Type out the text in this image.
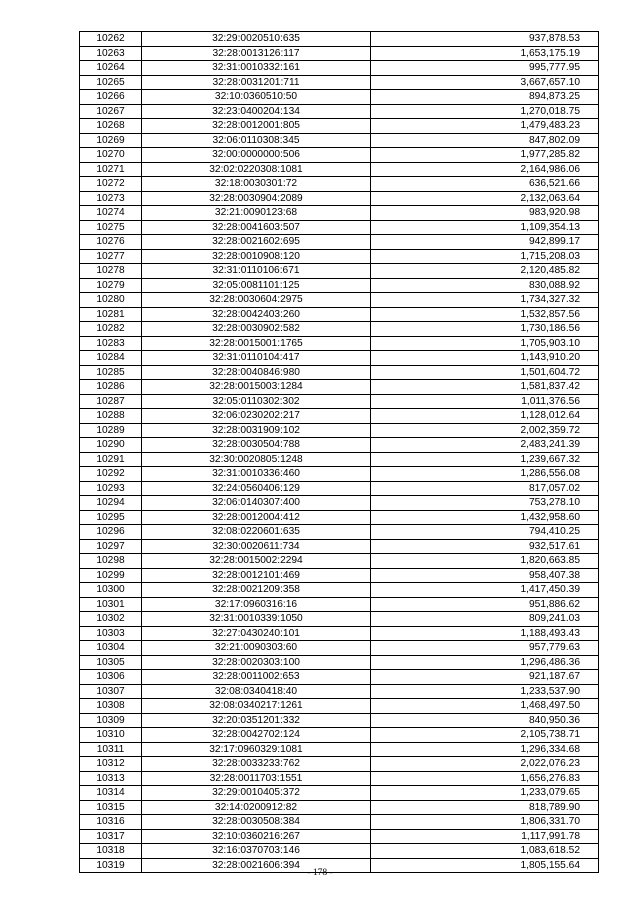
10262	32:29:0020510:635	937,878.53
10263	32:28:0013126:117	1,653,175.19
10264	32:31:0010332:161	995,777.95
10265	32:28:0031201:711	3,667,657.10
10266	32:10:0360510:50	894,873.25
10267	32:23:0400204:134	1,270,018.75
10268	32:28:0012001:805	1,479,483.23
10269	32:06:0110308:345	847,802.09
10270	32:00:0000000:506	1,977,285.82
10271	32:02:0220308:1081	2,164,986.06
10272	32:18:0030301:72	636,521.66
10273	32:28:0030904:2089	2,132,063.64
10274	32:21:0090123:68	983,920.98
10275	32:28:0041603:507	1,109,354.13
10276	32:28:0021602:695	942,899.17
10277	32:28:0010908:120	1,715,208.03
10278	32:31:0110106:671	2,120,485.82
10279	32:05:0081101:125	830,088.92
10280	32:28:0030604:2975	1,734,327.32
10281	32:28:0042403:260	1,532,857.56
10282	32:28:0030902:582	1,730,186.56
10283	32:28:0015001:1765	1,705,903.10
10284	32:31:0110104:417	1,143,910.20
10285	32:28:0040846:980	1,501,604.72
10286	32:28:0015003:1284	1,581,837.42
10287	32:05:0110302:302	1,011,376.56
10288	32:06:0230202:217	1,128,012.64
10289	32:28:0031909:102	2,002,359.72
10290	32:28:0030504:788	2,483,241.39
10291	32:30:0020805:1248	1,239,667.32
10292	32:31:0010336:460	1,286,556.08
10293	32:24:0560406:129	817,057.02
10294	32:06:0140307:400	753,278.10
10295	32:28:0012004:412	1,432,958.60
10296	32:08:0220601:635	794,410.25
10297	32:30:0020611:734	932,517.61
10298	32:28:0015002:2294	1,820,663.85
10299	32:28:0012101:469	958,407.38
10300	32:28:0021209:358	1,417,450.39
10301	32:17:0960316:16	951,886.62
10302	32:31:0010339:1050	809,241.03
10303	32:27:0430240:101	1,188,493.43
10304	32:21:0090303:60	957,779.63
10305	32:28:0020303:100	1,296,486.36
10306	32:28:0011002:653	921,187.67
10307	32:08:0340418:40	1,233,537.90
10308	32:08:0340217:1261	1,468,497.50
10309	32:20:0351201:332	840,950.36
10310	32:28:0042702:124	2,105,738.71
10311	32:17:0960329:1081	1,296,334.68
10312	32:28:0033233:762	2,022,076.23
10313	32:28:0011703:1551	1,656,276.83
10314	32:29:0010405:372	1,233,079.65
10315	32:14:0200912:82	818,789.90
10316	32:28:0030508:384	1,806,331.70
10317	32:10:0360216:267	1,117,991.78
10318	32:16:0370703:146	1,083,618.52
10319	32:28:0021606:394	1,805,155.64
- 178 -
